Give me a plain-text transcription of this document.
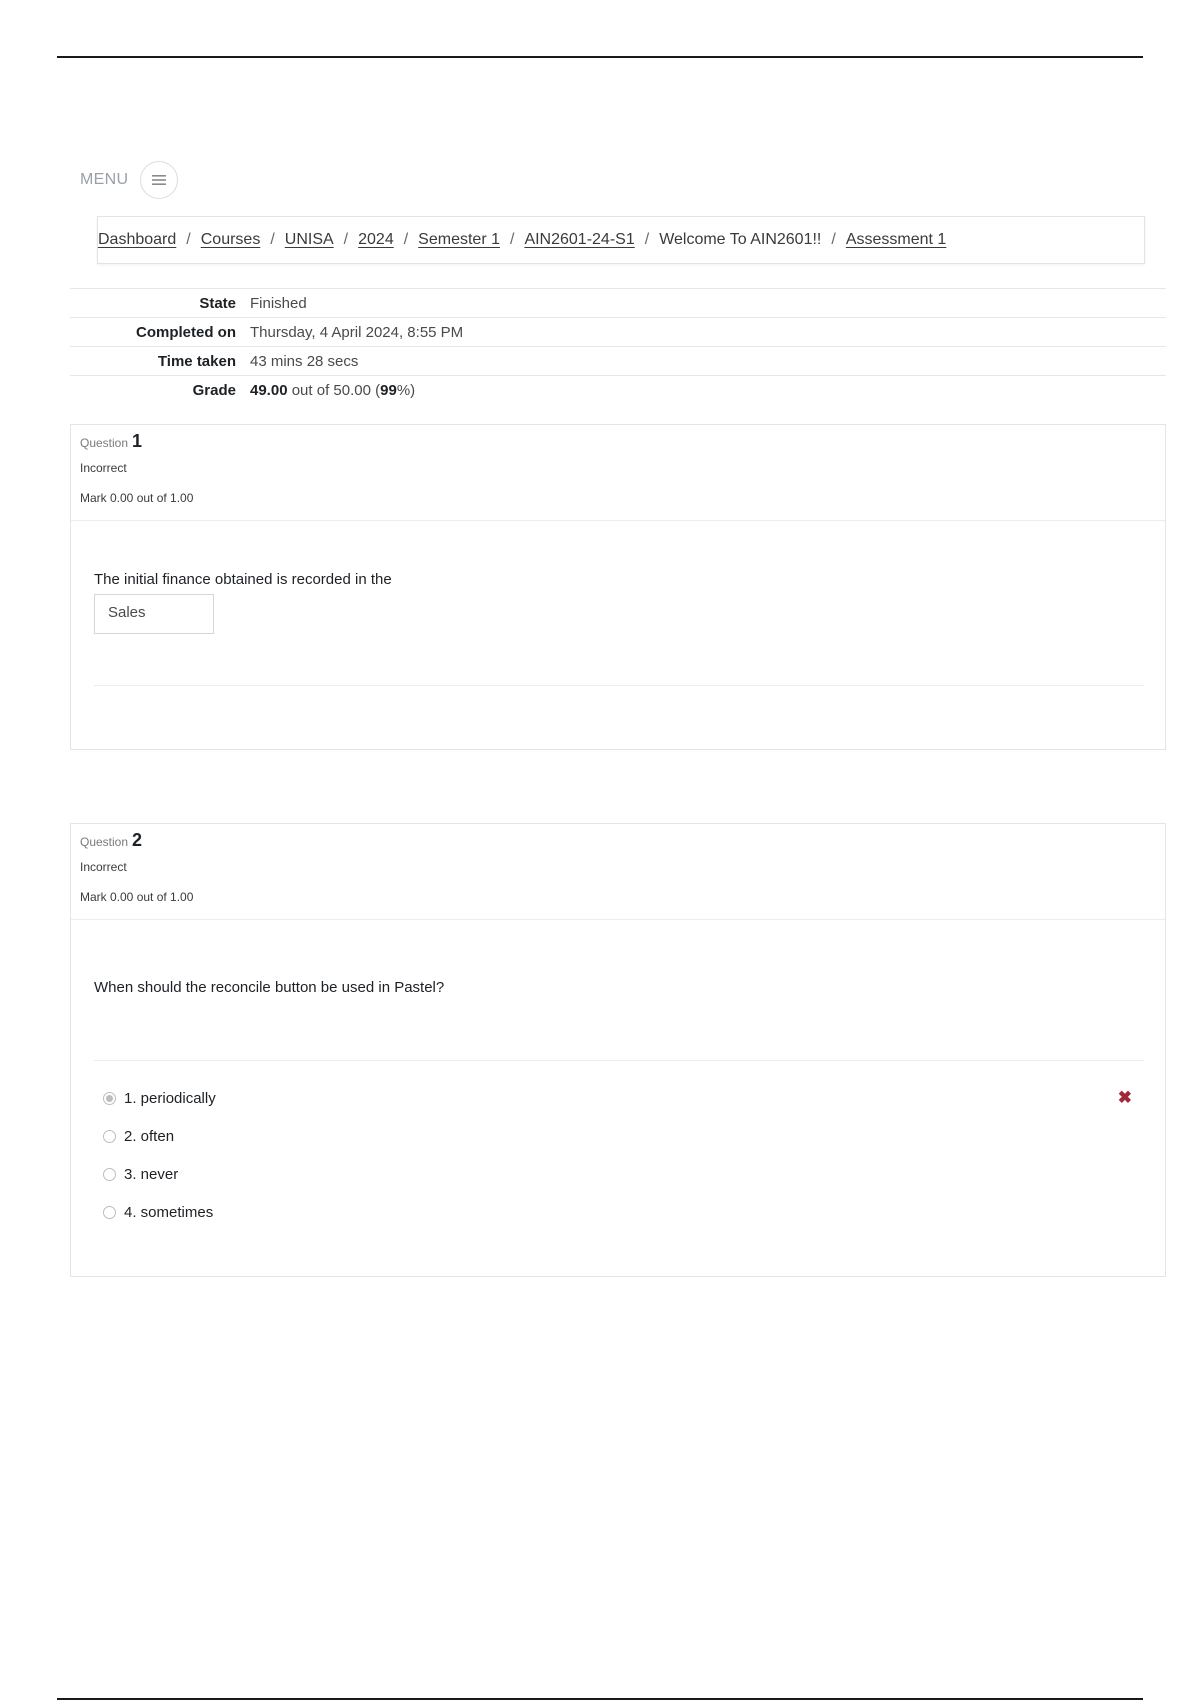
MENU
Dashboard / Courses / UNISA / 2024 / Semester 1 / AIN2601-24-S1 / Welcome To AIN2601!! / Assessment 1
State Finished
Completed on Thursday, 4 April 2024, 8:55 PM
Time taken 43 mins 28 secs
Grade 49.00 out of 50.00 (99%)
Question 1
Incorrect
Mark 0.00 out of 1.00
The initial finance obtained is recorded in the
Sales
Question 2
Incorrect
Mark 0.00 out of 1.00
When should the reconcile button be used in Pastel?
1. periodically	✖
2. often
3. never
4. sometimes
